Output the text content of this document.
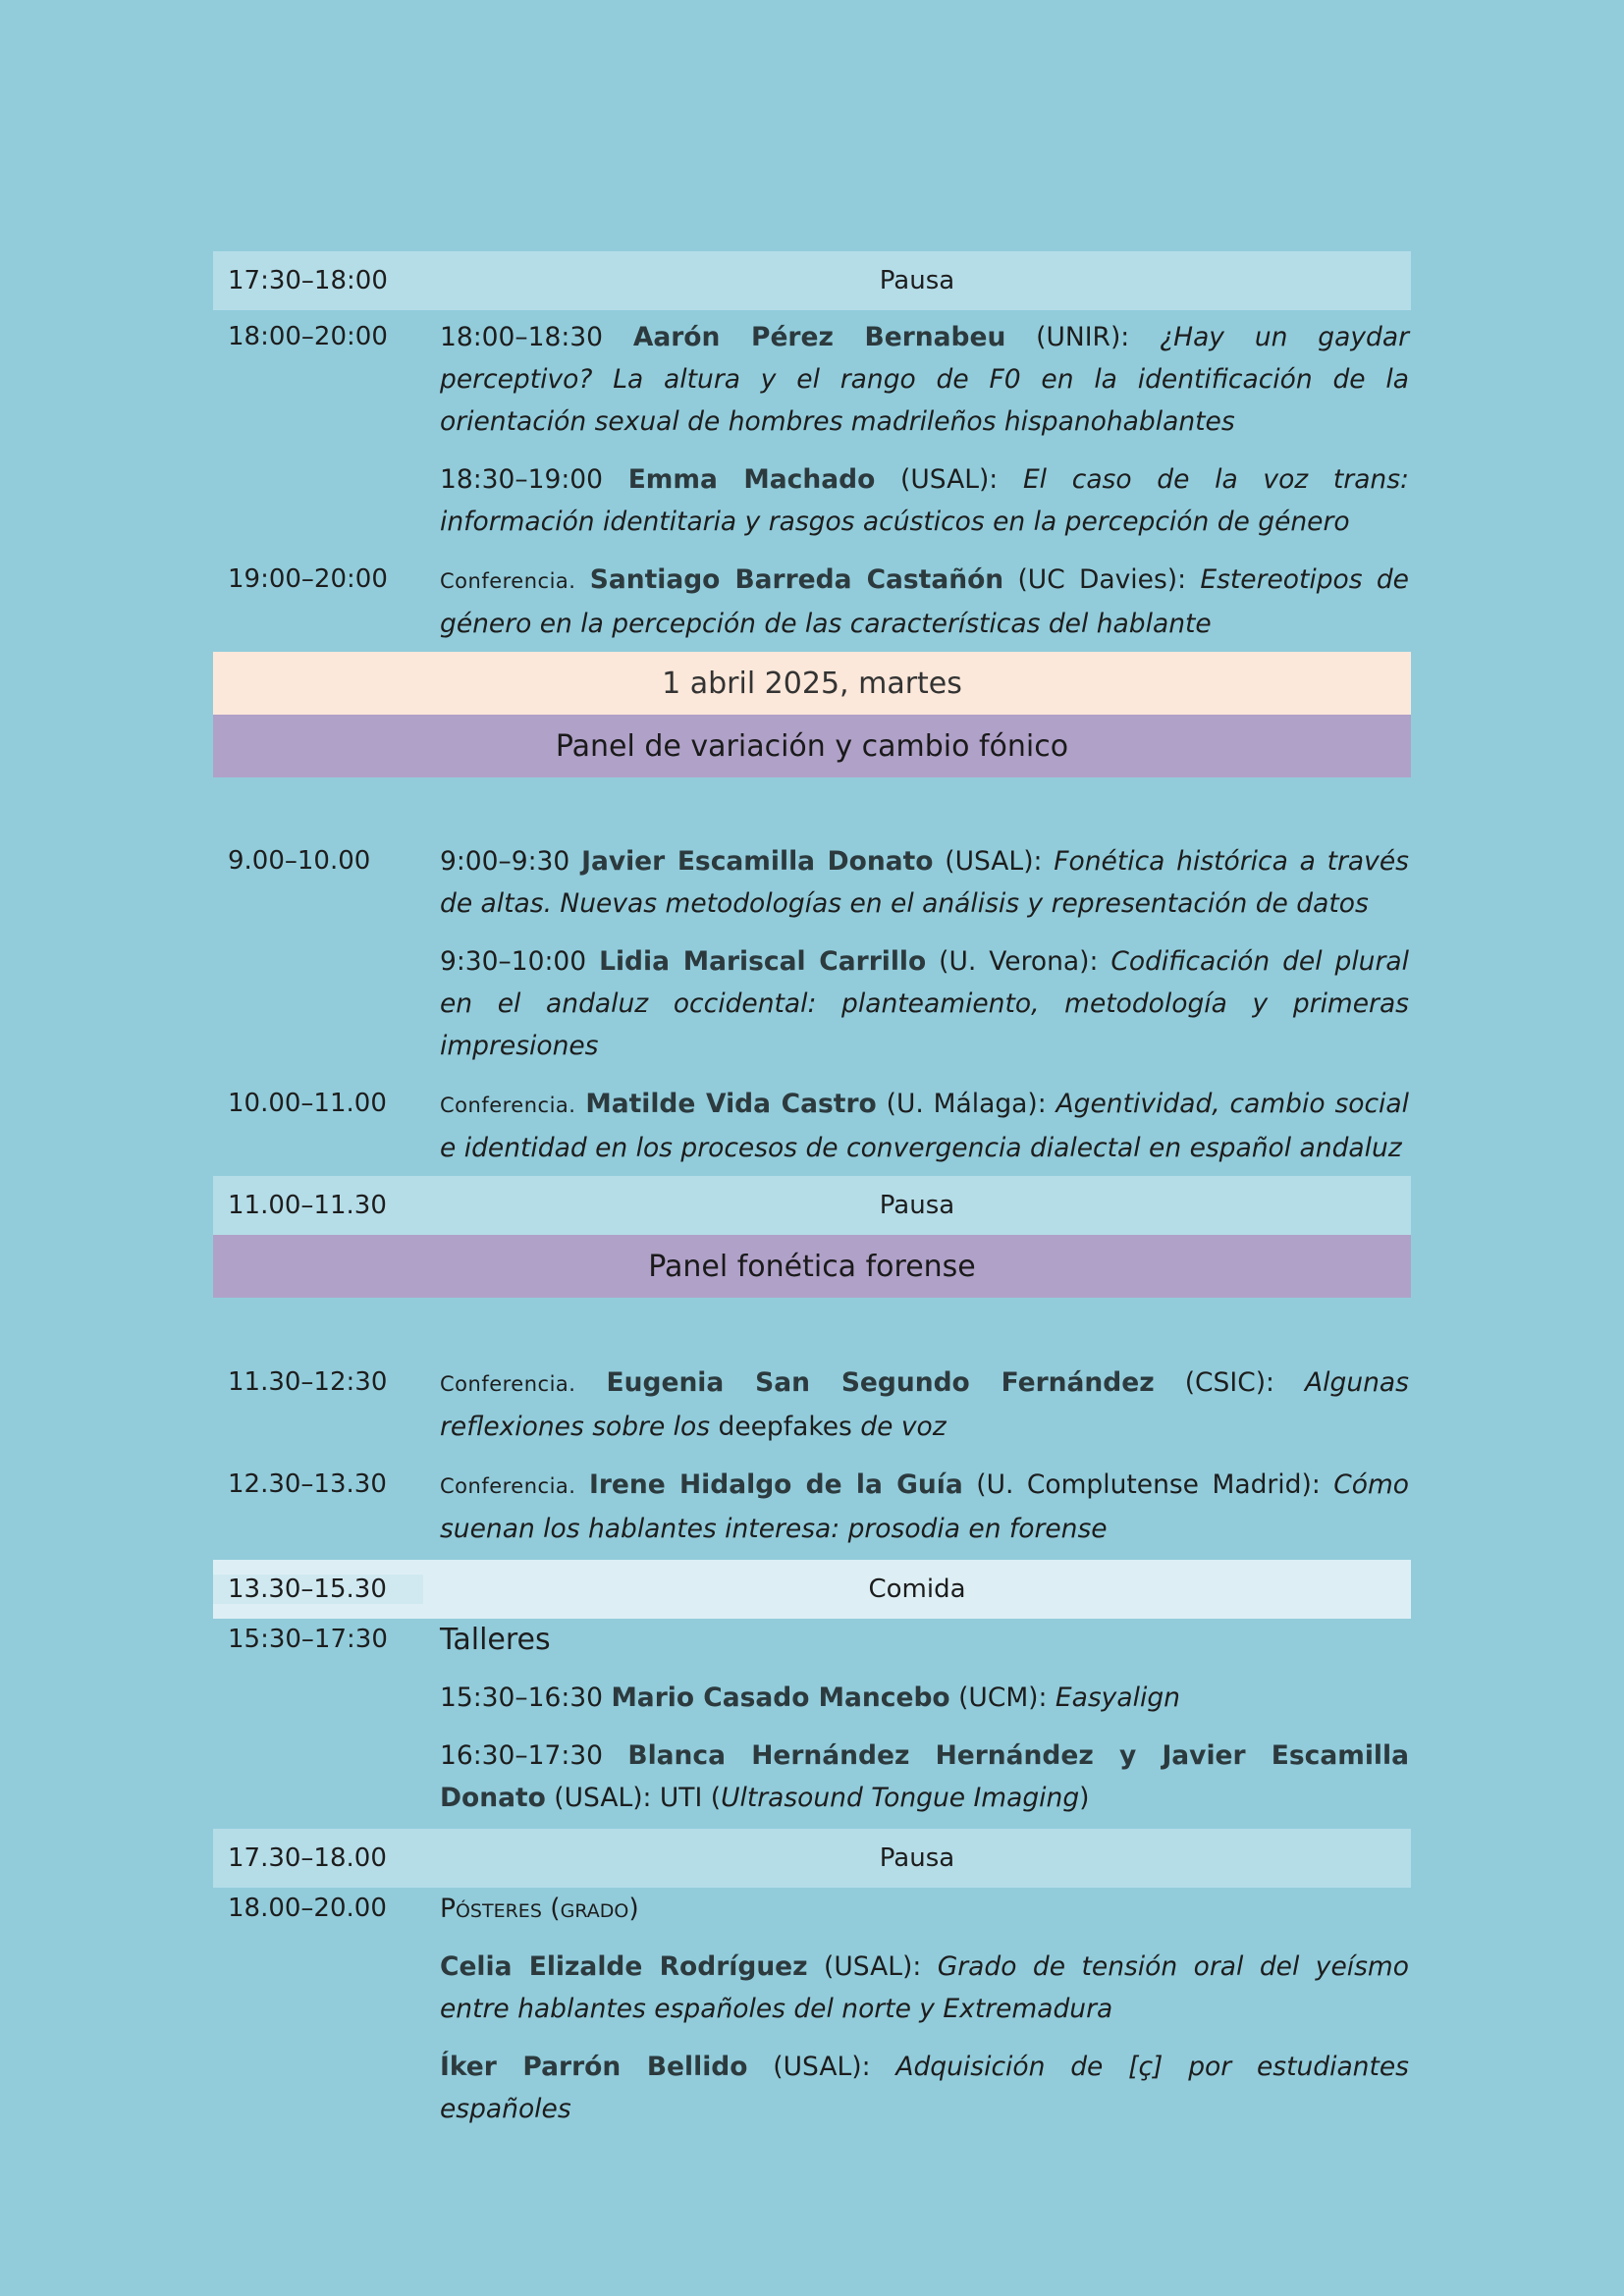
17:30–18:00	Pausa
18:00–20:00 18:00–18:30 Aarón Pérez Bernabeu (UNIR): ¿Hay un gaydar perceptivo? La altura y el rango de F0 en la identificación de la orientación sexual de hombres madrileños hispanohablantes

18:30–19:00 Emma Machado (USAL): El caso de la voz trans: información identitaria y rasgos acústicos en la percepción de género

19:00–20:00	Conferencia. Santiago Barreda Castañón (UC Davies): Estereotipos de género en la percepción de las características del hablante

1 abril 2025, martes
Panel de variación y cambio fónico
9.00–10.00	9:00–9:30 Javier Escamilla Donato (USAL): Fonética histórica a través de altas. Nuevas metodologías en el análisis y representación de datos

9:30–10:00 Lidia Mariscal Carrillo (U. Verona): Codificación del plural en el andaluz occidental: planteamiento, metodología y primeras impresiones

10.00–11.00	Conferencia. Matilde Vida Castro (U. Málaga): Agentividad, cambio social e identidad en los procesos de convergencia dialectal en español andaluz

11.00–11.30	Pausa
Panel fonética forense
11.30–12:30	Conferencia. Eugenia San Segundo Fernández (CSIC): Algunas reflexiones sobre los deepfakes de voz

12.30–13.30	Conferencia. Irene Hidalgo de la Guía (U. Complutense Madrid): Cómo suenan los hablantes interesa: prosodia en forense

13.30–15.30	Comida
15:30–17:30 Talleres

15:30–16:30 Mario Casado Mancebo (UCM): Easyalign

16:30–17:30 Blanca Hernández Hernández y Javier Escamilla Donato (USAL): UTI (Ultrasound Tongue Imaging)

17.30–18.00	Pausa
18.00–20.00 Pósteres (grado)

Celia Elizalde Rodríguez (USAL): Grado de tensión oral del yeísmo entre hablantes españoles del norte y Extremadura

Íker Parrón Bellido (USAL): Adquisición de [ç] por estudiantes españoles
